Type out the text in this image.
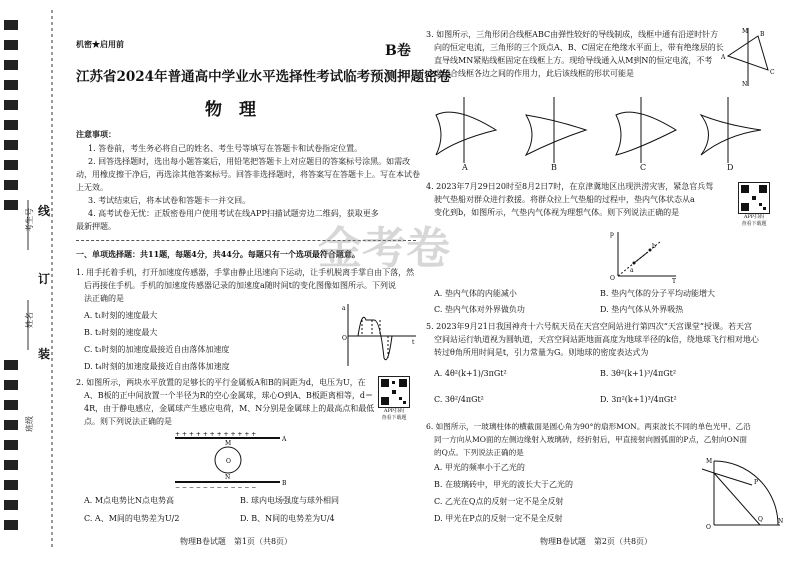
线
订
装
考生号
姓名
班级
机密★启用前	B卷
江苏省2024年普通高中学业水平选择性考试临考预测押题密卷
物　理
注意事项：
1. 答卷前，考生务必将自己的姓名、考生号等填写在答题卡和试卷指定位置。
2. 回答选择题时，选出每小题答案后，用铅笔把答题卡上对应题目的答案标号涂黑。如需改
动，用橡皮擦干净后，再选涂其他答案标号。回答非选择题时，将答案写在答题卡上。写在本试卷
上无效。
3. 考试结束后，将本试卷和答题卡一并交回。
4. 高考试卷无忧：正版密卷用户使用考试在线APP扫描试题旁边二维码，获取更多
最新押题。
一、单项选择题：共11题，每题4分，共44分。每题只有一个选项最符合题意。
1. 用手托着手机，打开加速度传感器，手掌由静止迅速向下运动，让手机脱离手掌自由下落，然
后再接住手机。手机的加速度传感器记录的加速度a随时间t的变化图像如图所示。下列说
法正确的是
A. t₁时刻的速度最大
B. t₂时刻的速度最大
C. t₃时刻的加速度最接近自由落体加速度
D. t₄时刻的加速度最接近自由落体加速度
a
t
O
2. 如图所示，两块水平放置的足够长的平行金属板A和B的间距为d，电压为U，在
A、B板的正中间放置一个半径为R的空心金属球，球心O到A、B板距离相等，d＝
4R，由于静电感应，金属球产生感应电荷，M、N分别是金属球上的最高点和最低
点。则下列说法正确的是
+ + + + + + + + + + + +
− − − − − − − − − − − −
M
N
O
A
B
A. M点电势比N点电势高	B. 球内电场强度与球外相同
C. A、M间的电势差为U/2	D. B、N间的电势差为U/4
APP扫码
查看下载题
物理B卷试题　第1页（共8页）
3. 如图所示，三角形闭合线框ABC由弹性较好的导线制成，线框中通有沿逆时针方
向的恒定电流，三角形的三个顶点A、B、C固定在绝缘水平面上，带有绝缘层的长
直导线MN紧贴线框固定在线框上方。现给导线通入从M到N的恒定电流，不考
虑闭合线框各边之间的作用力，此后该线框的形状可能是
M
N
A
C
B
A	B	C	D
4. 2023年7月29日20时至8月2日7时，在京津冀地区出现洪涝灾害，紧急官兵驾
驶气垫船对群众进行救援。将群众拉上气垫船的过程中，垫内气体状态从a
变化到b，如图所示，气垫内气体视为理想气体。则下列说法正确的是	APP扫码
查看下载题
p
T
O
a
b
A. 垫内气体的内能减小	B. 垫内气体的分子平均动能增大
C. 垫内气体对外界做负功	D. 垫内气体从外界吸热
5. 2023年9月21日我国神舟十六号航天员在天宫空间站进行第四次“天宫课堂”授课。若天宫
空间站运行轨道视为圆轨道，天宫空间站距地面高度为地球半径的k倍，绕地球飞行相对地心
转过θ角所用时间是t，引力常量为G。则地球的密度表达式为
A. 4θ²(k+1)/3πGt²	B. 3θ²(k+1)³/4πGt²
C. 3θ²/4πGt²	D. 3π²(k+1)³/4πGt²
6. 如图所示，一玻璃柱体的横截面是圆心角为90°的扇形MON。两束波长不同的单色光甲、乙沿
同一方向从MO面的左侧边缘射入玻璃砖，经折射后，甲直接射向圆弧面的P点，乙射向ON面
的Q点。下列说法正确的是
A. 甲光的频率小于乙光的
B. 在玻璃砖中，甲光的波长大于乙光的
C. 乙光在Q点的反射一定不是全反射
D. 甲光在P点的反射一定不是全反射
M
O
N
P
Q
物理B卷试题　第2页（共8页）
金考卷
